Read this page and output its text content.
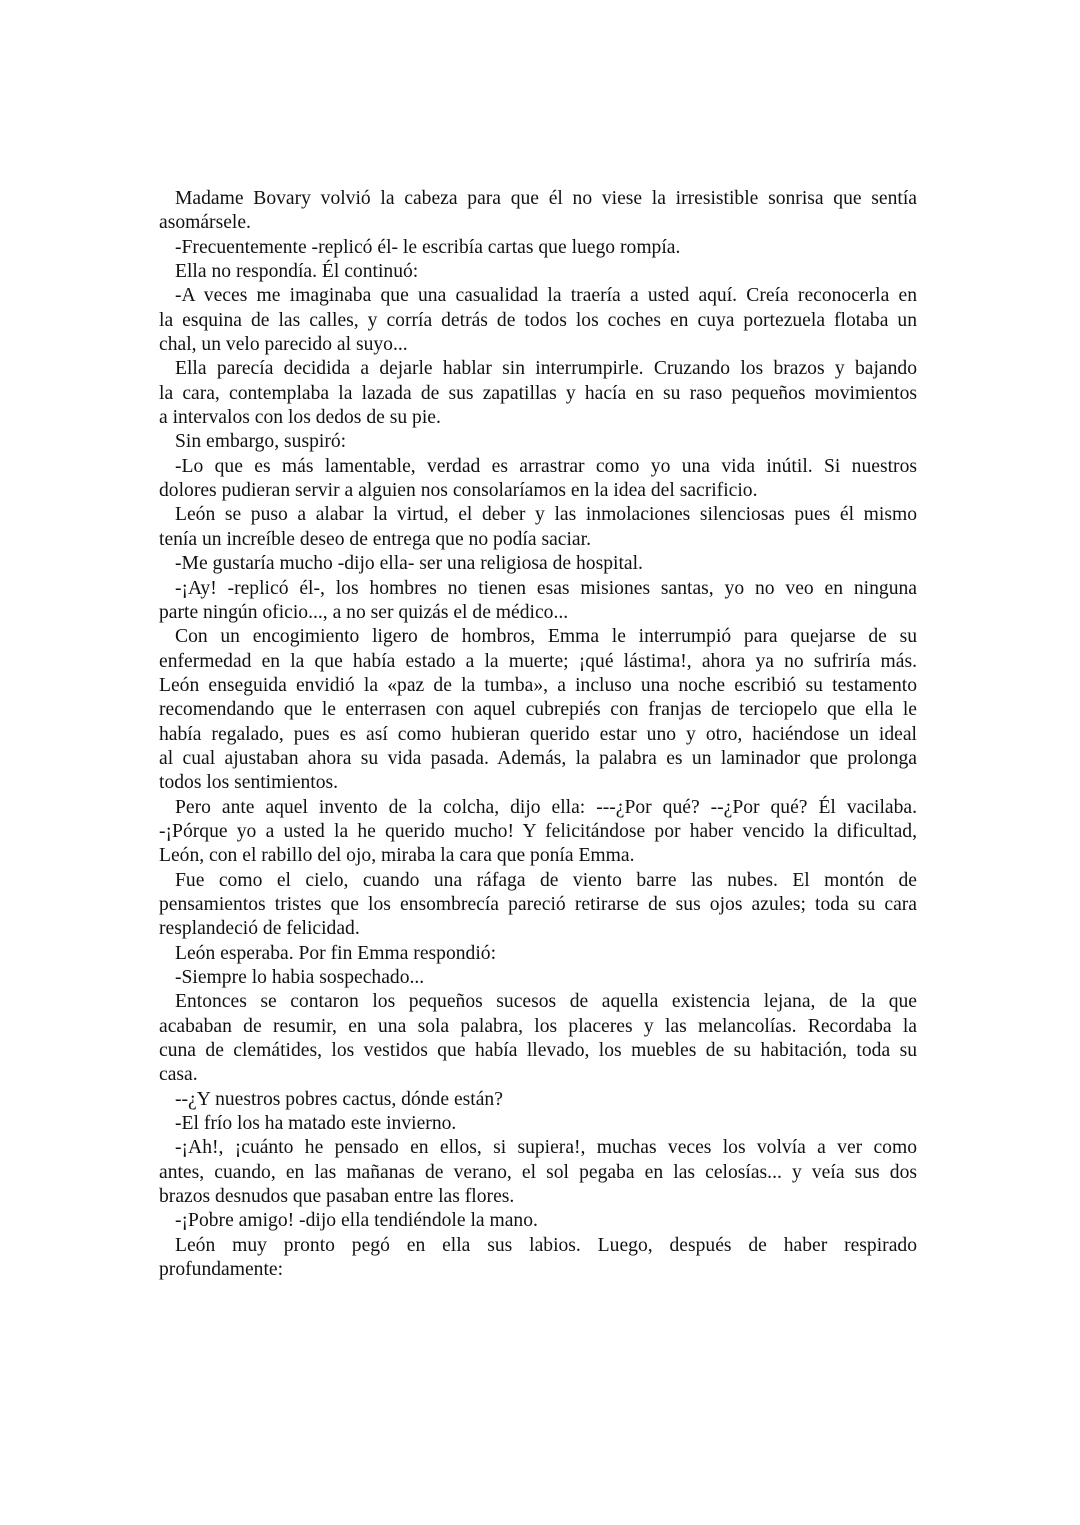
Madame Bovary volvió la cabeza para que él no viese la irresistible sonrisa que sentía
asomársele.
-Frecuentemente -replicó él- le escribía cartas que luego rompía.
Ella no respondía. Él continuó:
-A veces me imaginaba que una casualidad la traería a usted aquí. Creía reconocerla en
la esquina de las calles, y corría detrás de todos los coches en cuya portezuela flotaba un
chal, un velo parecido al suyo...
Ella parecía decidida a dejarle hablar sin interrumpirle. Cruzando los brazos y bajando
la cara, contemplaba la lazada de sus zapatillas y hacía en su raso pequeños movimientos
a intervalos con los dedos de su pie.
Sin embargo, suspiró:
-Lo que es más lamentable, verdad es arrastrar como yo una vida inútil. Si nuestros
dolores pudieran servir a alguien nos consolaríamos en la idea del sacrificio.
León se puso a alabar la virtud, el deber y las inmolaciones silenciosas pues él mismo
tenía un increíble deseo de entrega que no podía saciar.
-Me gustaría mucho -dijo ella- ser una religiosa de hospital.
-¡Ay! -replicó él-, los hombres no tienen esas misiones santas, yo no veo en ninguna
parte ningún oficio..., a no ser quizás el de médico...
Con un encogimiento ligero de hombros, Emma le interrumpió para quejarse de su
enfermedad en la que había estado a la muerte; ¡qué lástima!, ahora ya no sufriría más.
León enseguida envidió la «paz de la tumba», a incluso una noche escribió su testamento
recomendando que le enterrasen con aquel cubrepiés con franjas de terciopelo que ella le
había regalado, pues es así como hubieran querido estar uno y otro, haciéndose un ideal
al cual ajustaban ahora su vida pasada. Además, la palabra es un laminador que prolonga
todos los sentimientos.
Pero ante aquel invento de la colcha, dijo ella: ---¿Por qué? --¿Por qué? Él vacilaba.
-¡Pórque yo a usted la he querido mucho! Y felicitándose por haber vencido la dificultad,
León, con el rabillo del ojo, miraba la cara que ponía Emma.
Fue como el cielo, cuando una ráfaga de viento barre las nubes. El montón de
pensamientos tristes que los ensombrecía pareció retirarse de sus ojos azules; toda su cara
resplandeció de felicidad.
León esperaba. Por fin Emma respondió:
-Siempre lo habia sospechado...
Entonces se contaron los pequeños sucesos de aquella existencia lejana, de la que
acababan de resumir, en una sola palabra, los placeres y las melancolías. Recordaba la
cuna de clemátides, los vestidos que había llevado, los muebles de su habitación, toda su
casa.
--¿Y nuestros pobres cactus, dónde están?
-El frío los ha matado este invierno.
-¡Ah!, ¡cuánto he pensado en ellos, si supiera!, muchas veces los volvía a ver como
antes, cuando, en las mañanas de verano, el sol pegaba en las celosías... y veía sus dos
brazos desnudos que pasaban entre las flores.
-¡Pobre amigo! -dijo ella tendiéndole la mano.
León muy pronto pegó en ella sus labios. Luego, después de haber respirado
profundamente:
